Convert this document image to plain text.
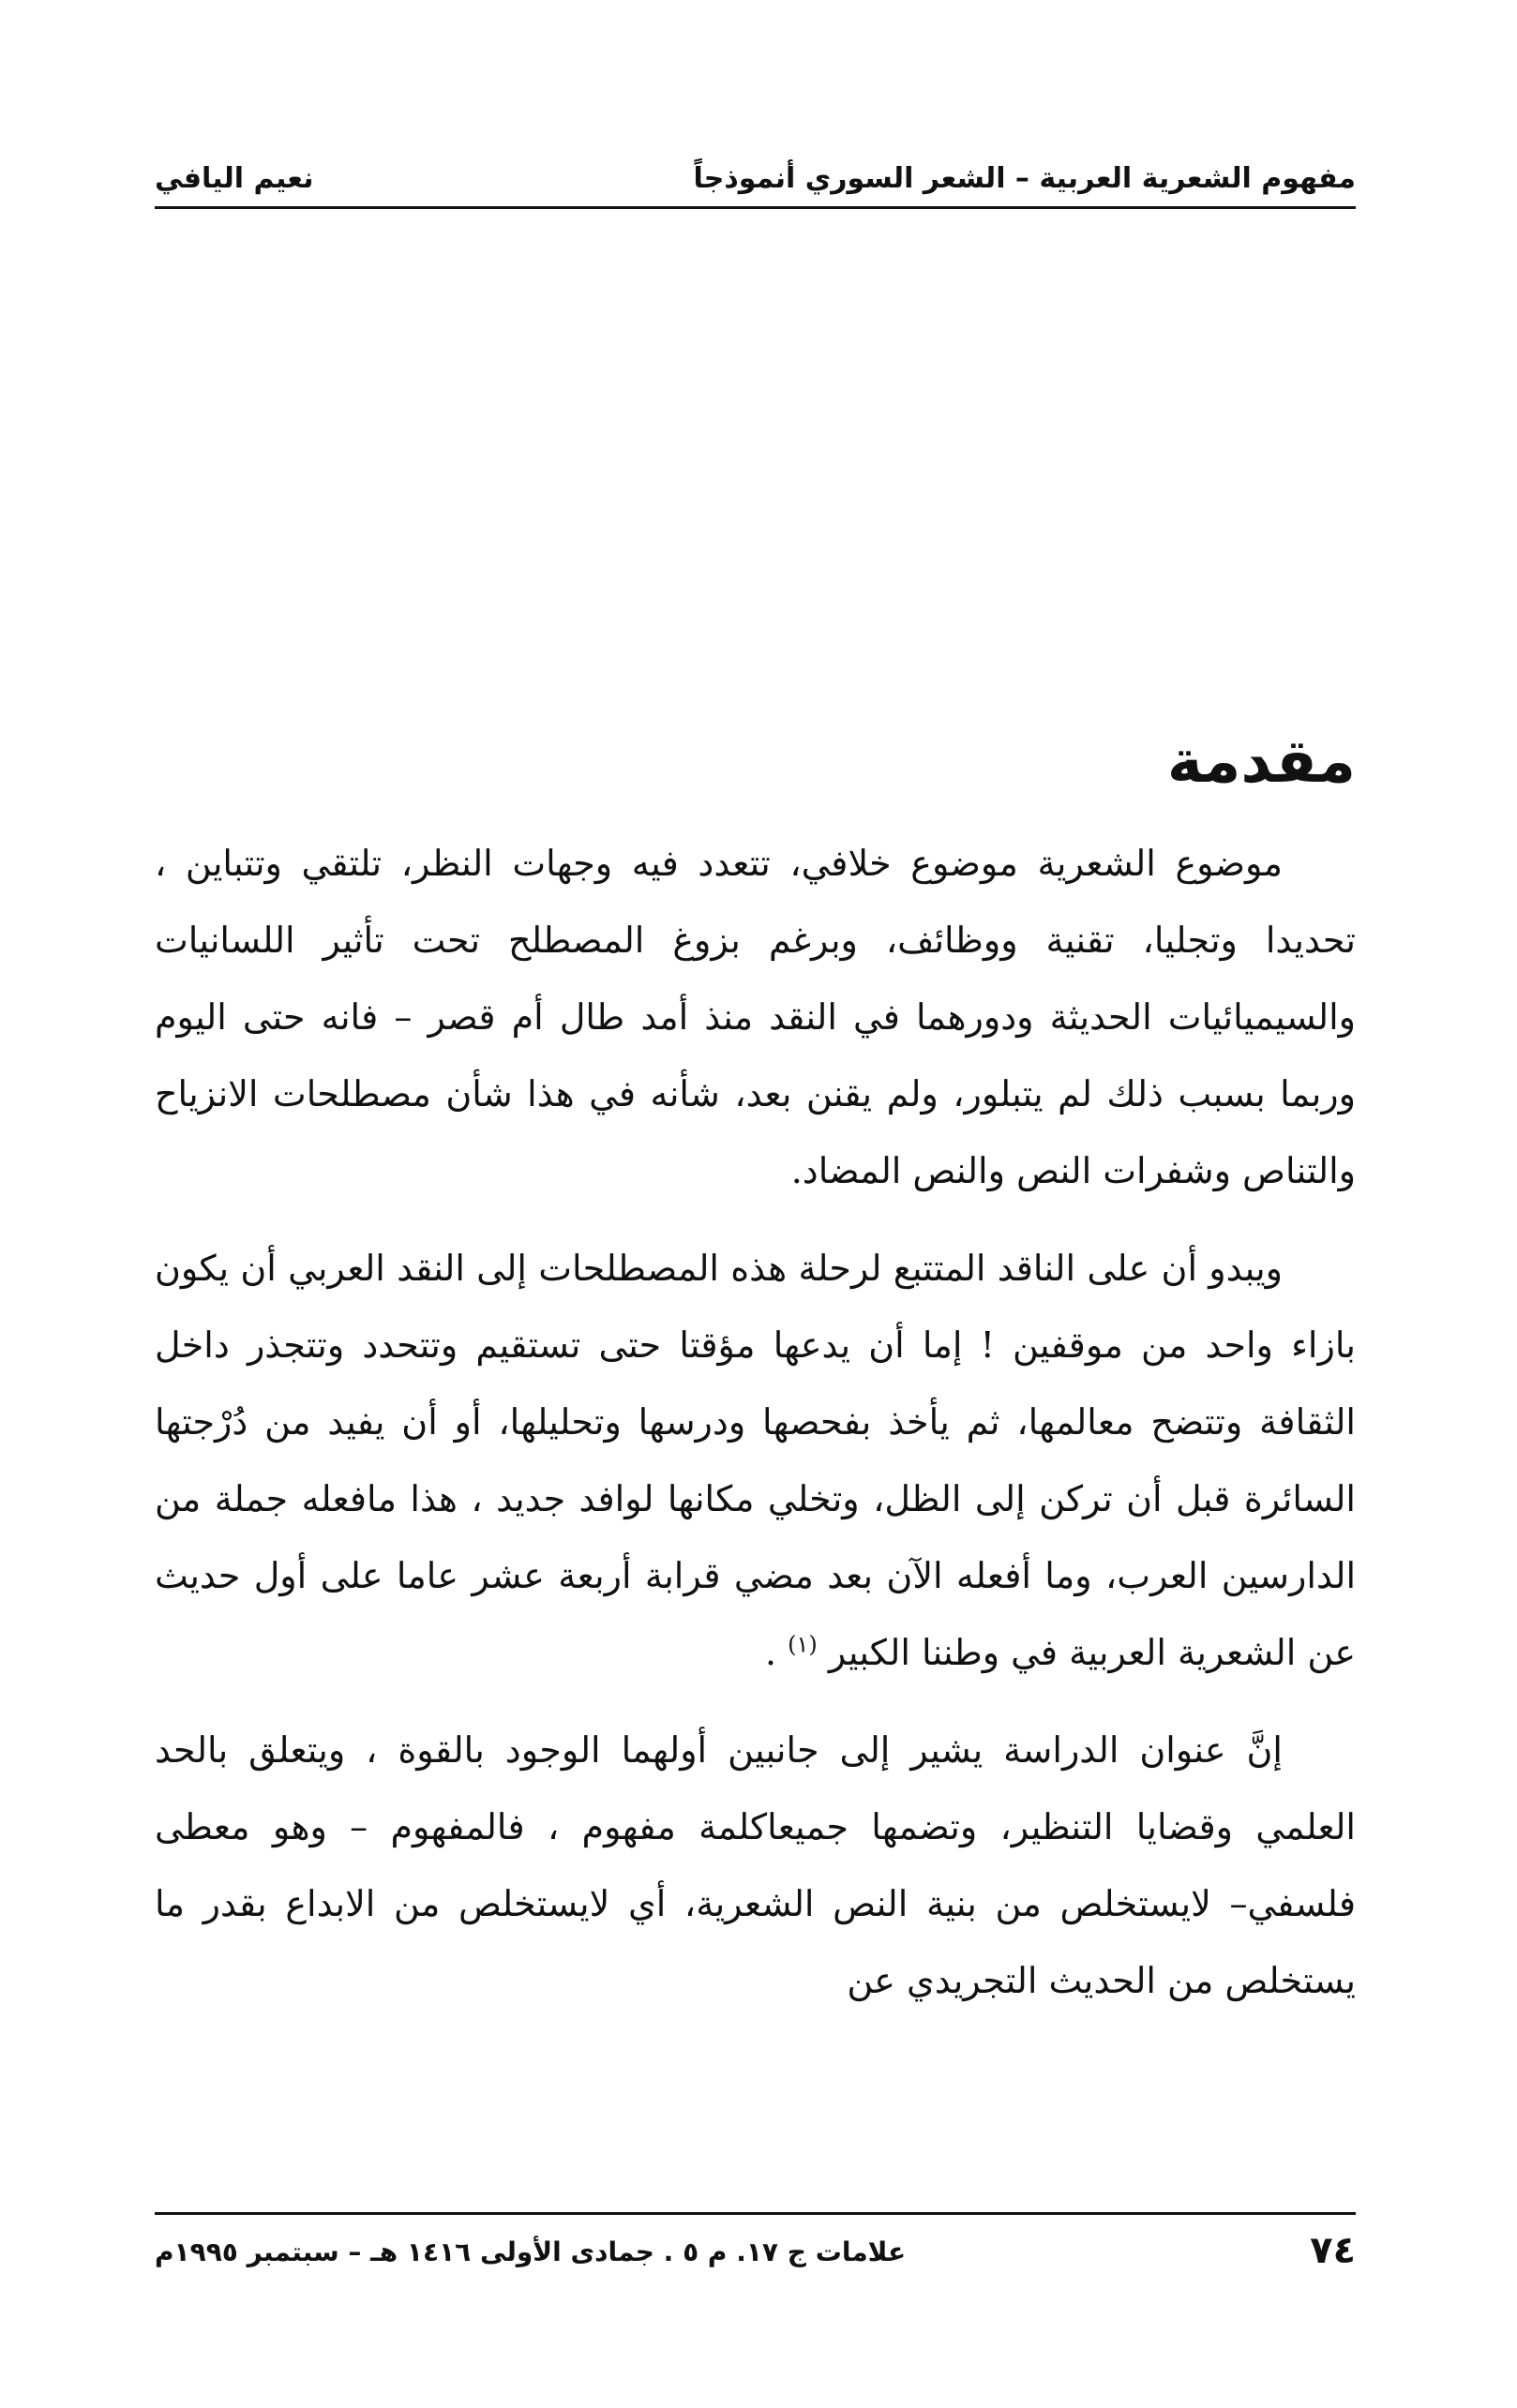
مفهوم الشعرية العربية – الشعر السوري أنموذجاً
نعيم اليافي
مقدمة

موضوع الشعرية موضوع خلافي، تتعدد فيه وجهات النظر، تلتقي وتتباين ، تحديدا وتجليا، تقنية ووظائف، وبرغم بزوغ المصطلح تحت تأثير اللسانيات والسيميائيات الحديثة ودورهما في النقد منذ أمد طال أم قصر – فانه حتى اليوم وربما بسبب ذلك لم يتبلور، ولم يقنن بعد، شأنه في هذا شأن مصطلحات الانزياح والتناص وشفرات النص والنص المضاد.

ويبدو أن على الناقد المتتبع لرحلة هذه المصطلحات إلى النقد العربي أن يكون بازاء واحد من موقفين ! إما أن يدعها مؤقتا حتى تستقيم وتتحدد وتتجذر داخل الثقافة وتتضح معالمها، ثم يأخذ بفحصها ودرسها وتحليلها، أو أن يفيد من دُرْجتها السائرة قبل أن تركن إلى الظل، وتخلي مكانها لوافد جديد ، هذا مافعله جملة من الدارسين العرب، وما أفعله الآن بعد مضي قرابة أربعة عشر عاما على أول حديث عن الشعرية العربية في وطننا الكبير $^{(١)}$ .

إنَّ عنوان الدراسة يشير إلى جانبين أولهما الوجود بالقوة ، ويتعلق بالحد العلمي وقضايا التنظير، وتضمها جميعاكلمة مفهوم ، فالمفهوم – وهو معطى فلسفي– لايستخلص من بنية النص الشعرية، أي لايستخلص من الابداع بقدر ما يستخلص من الحديث التجريدي عن

٧٤
علامات ج ١٧. م ٥ . جمادى الأولى ١٤١٦ هـ – سبتمبر ١٩٩٥م
